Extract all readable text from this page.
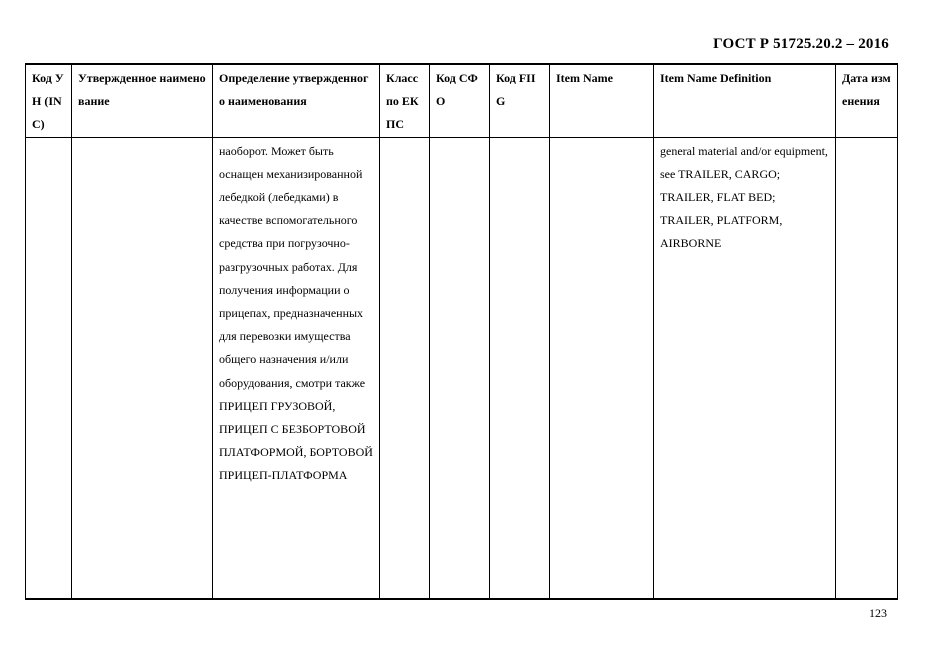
ГОСТ Р 51725.20.2 – 2016
Код УН (INC)	Утвержденное наименование	Определение утвержденного наименования	Класс по ЕКПС	Код СФО	Код FIIG	Item Name	Item Name Definition	Дата изменения
		наоборот. Может быть оснащен механизированной лебедкой (лебедками) в качестве вспомогательного средства при погрузочно-разгрузочных работах. Для получения информации о прицепах, предназначенных для перевозки имущества общего назначения и/или оборудования, смотри также ПРИЦЕП ГРУЗОВОЙ, ПРИЦЕП С БЕЗБОРТОВОЙ ПЛАТФОРМОЙ, БОРТОВОЙ ПРИЦЕП-ПЛАТФОРМА					general material and/or equipment, see TRAILER, CARGO; TRAILER, FLAT BED; TRAILER, PLATFORM, AIRBORNE	
123
